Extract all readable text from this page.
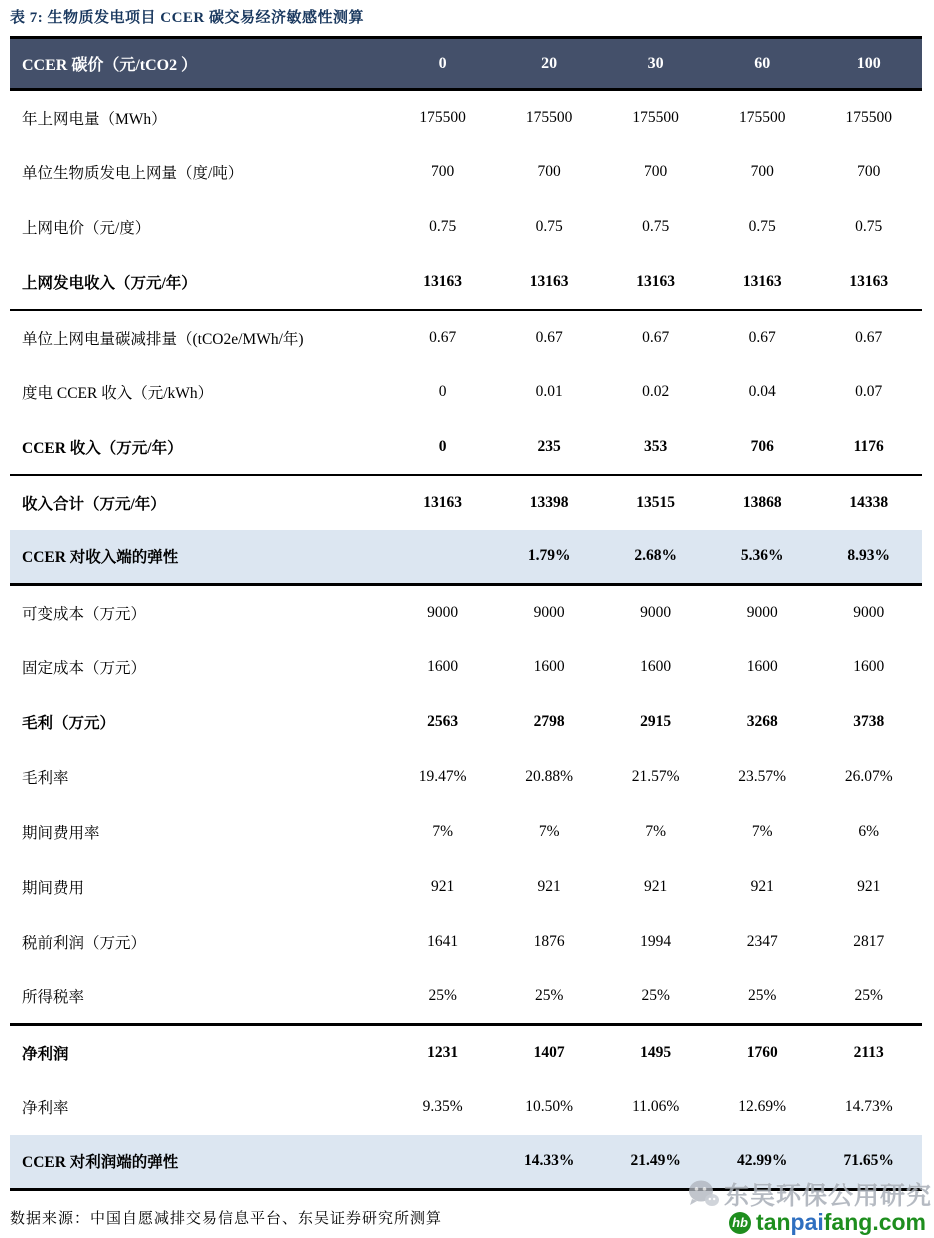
表 7: 生物质发电项目 CCER 碳交易经济敏感性测算
CCER 碳价（元/tCO2 ）	0	20	30	60	100
年上网电量（MWh）	175500	175500	175500	175500	175500
单位生物质发电上网量（度/吨）	700	700	700	700	700
上网电价（元/度）	0.75	0.75	0.75	0.75	0.75
上网发电收入（万元/年）	13163	13163	13163	13163	13163
单位上网电量碳减排量（(tCO2e/MWh/年)	0.67	0.67	0.67	0.67	0.67
度电 CCER 收入（元/kWh）	0	0.01	0.02	0.04	0.07
CCER 收入（万元/年）	0	235	353	706	1176
收入合计（万元/年）	13163	13398	13515	13868	14338
CCER 对收入端的弹性		1.79%	2.68%	5.36%	8.93%
可变成本（万元）	9000	9000	9000	9000	9000
固定成本（万元）	1600	1600	1600	1600	1600
毛利（万元）	2563	2798	2915	3268	3738
毛利率	19.47%	20.88%	21.57%	23.57%	26.07%
期间费用率	7%	7%	7%	7%	6%
期间费用	921	921	921	921	921
税前利润（万元）	1641	1876	1994	2347	2817
所得税率	25%	25%	25%	25%	25%
净利润	1231	1407	1495	1760	2113
净利率	9.35%	10.50%	11.06%	12.69%	14.73%
CCER 对利润端的弹性		14.33%	21.49%	42.99%	71.65%
数据来源：中国自愿减排交易信息平台、东吴证券研究所测算
东吴环保公用研究
hb tanpaifang.com
